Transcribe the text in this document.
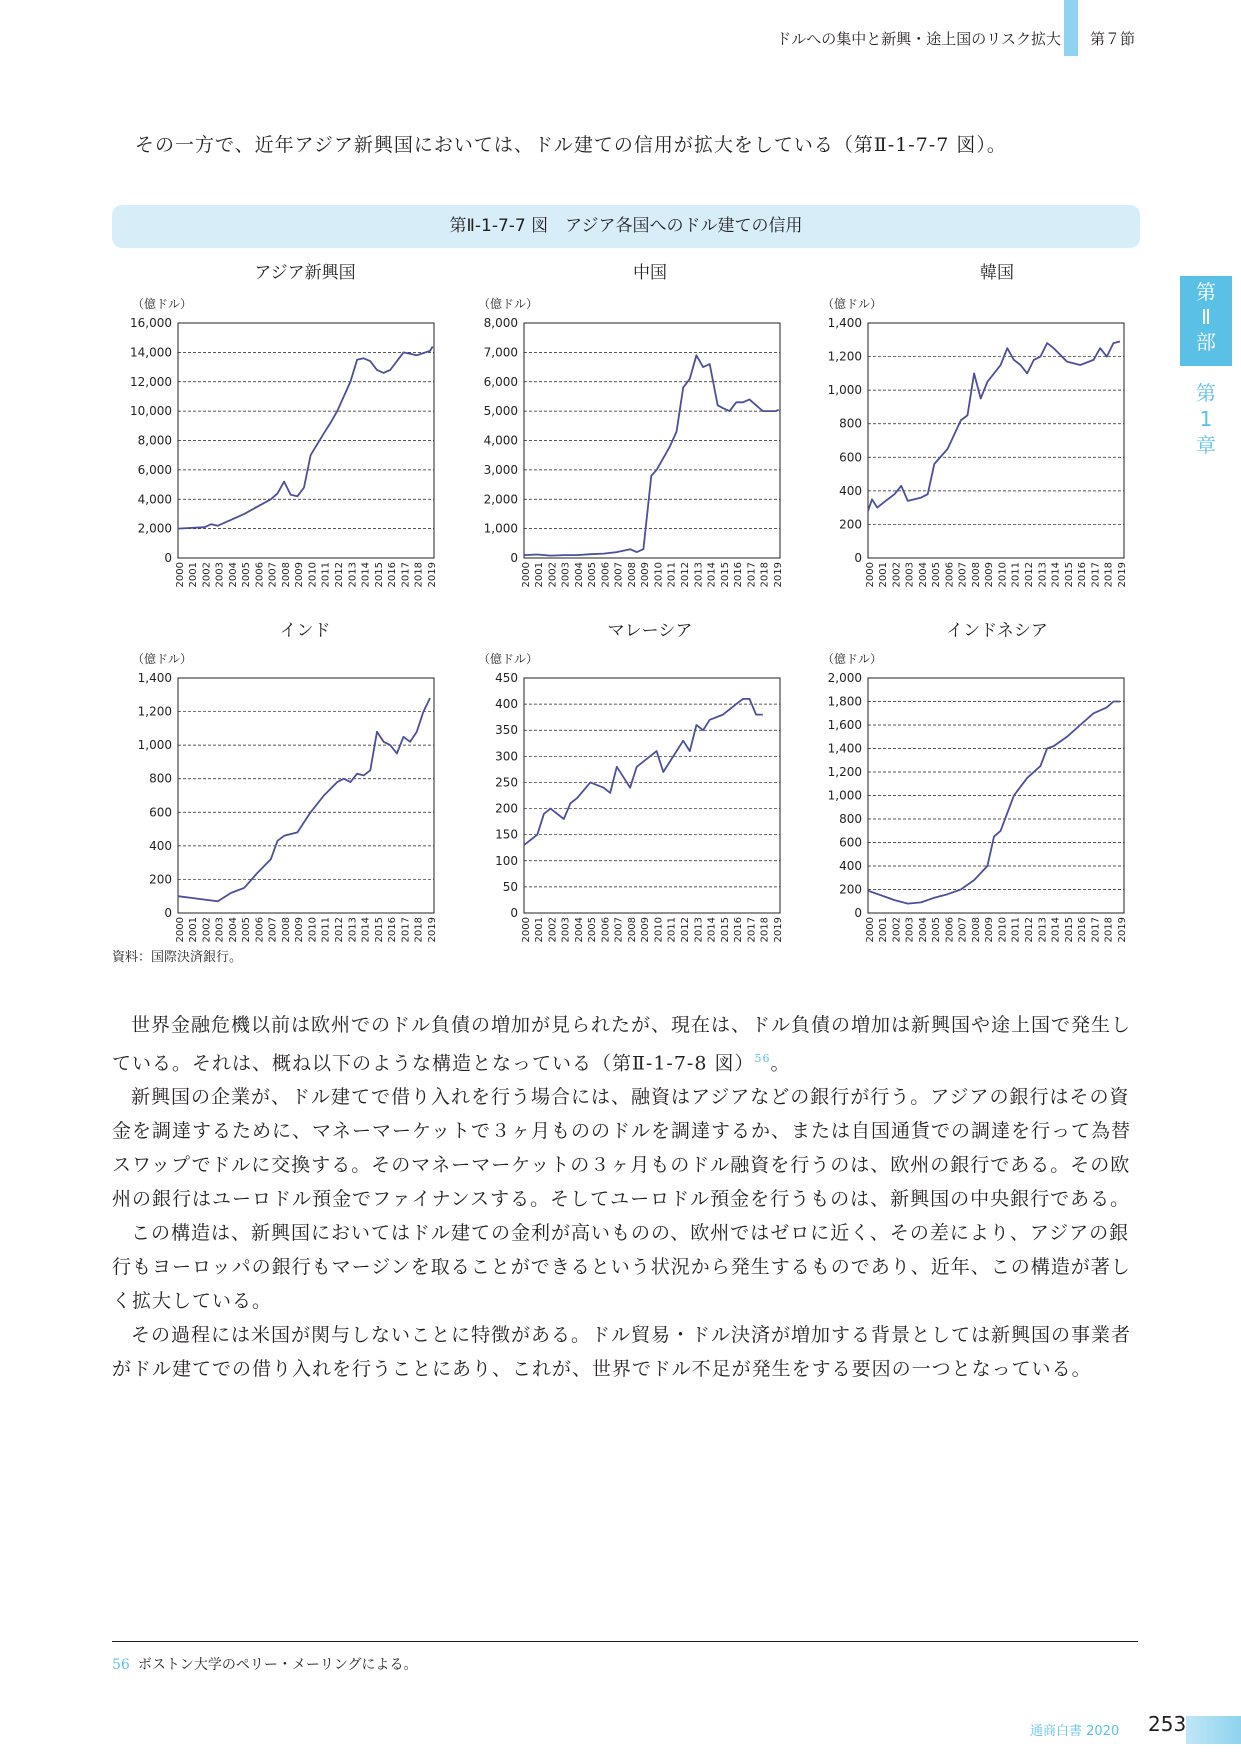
ドルへの集中と新興・途上国のリスク拡大 第７節
第
Ⅱ
部
第
1
章
その一方で、近年アジア新興国においては、ドル建ての信用が拡大をしている（第Ⅱ-1-7-7 図）。
第Ⅱ-1-7-7 図　アジア各国へのドル建ての信用
アジア新興国	中国	韓国
インド	マレーシア	インドネシア
0
2,000
4,000
6,000
8,000
10,000
12,000
14,000
16,000
（億ドル）
2000 2001 2002 2003 2004 2005 2006 2007 2008 2009 2010 2011 2012 2013 2014 2015 2016 2017 2018 2019
0
1,000
2,000
3,000
4,000
5,000
6,000
7,000
8,000
（億ドル）
2000 2001 2002 2003 2004 2005 2006 2007 2008 2009 2010 2011 2012 2013 2014 2015 2016 2017 2018 2019
0
200
400
600
800
1,000
1,200
1,400
（億ドル）
2000 2001 2002 2003 2004 2005 2006 2007 2008 2009 2010 2011 2012 2013 2014 2015 2016 2017 2018 2019
0
200
400
600
800
1,000
1,200
1,400
（億ドル）
2000 2001 2002 2003 2004 2005 2006 2007 2008 2009 2010 2011 2012 2013 2014 2015 2016 2017 2018 2019
0
50
100
150
200
250
300
350
400
450
（億ドル）
2000 2001 2002 2003 2004 2005 2006 2007 2008 2009 2010 2011 2012 2013 2014 2015 2016 2017 2018 2019
0
200
400
600
800
1,000
1,200
1,400
1,600
1,800
2,000
（億ドル）
2000 2001 2002 2003 2004 2005 2006 2007 2008 2009 2010 2011 2012 2013 2014 2015 2016 2017 2018 2019
資料：国際決済銀行。

世界金融危機以前は欧州でのドル負債の増加が見られたが、現在は、ドル負債の増加は新興国や途上国で発生している。それは、概ね以下のような構造となっている（第Ⅱ-1-7-8 図）$^{56}$。

新興国の企業が、ドル建てで借り入れを行う場合には、融資はアジアなどの銀行が行う。アジアの銀行はその資金を調達するために、マネーマーケットで３ヶ月もののドルを調達するか、または自国通貨での調達を行って為替スワップでドルに交換する。そのマネーマーケットの３ヶ月ものドル融資を行うのは、欧州の銀行である。その欧州の銀行はユーロドル預金でファイナンスする。そしてユーロドル預金を行うものは、新興国の中央銀行である。

この構造は、新興国においてはドル建ての金利が高いものの、欧州ではゼロに近く、その差により、アジアの銀行もヨーロッパの銀行もマージンを取ることができるという状況から発生するものであり、近年、この構造が著しく拡大している。

その過程には米国が関与しないことに特徴がある。ドル貿易・ドル決済が増加する背景としては新興国の事業者がドル建てでの借り入れを行うことにあり、これが、世界でドル不足が発生をする要因の一つとなっている。

56 ボストン大学のペリー・メーリングによる。
通商白書 2020 253
